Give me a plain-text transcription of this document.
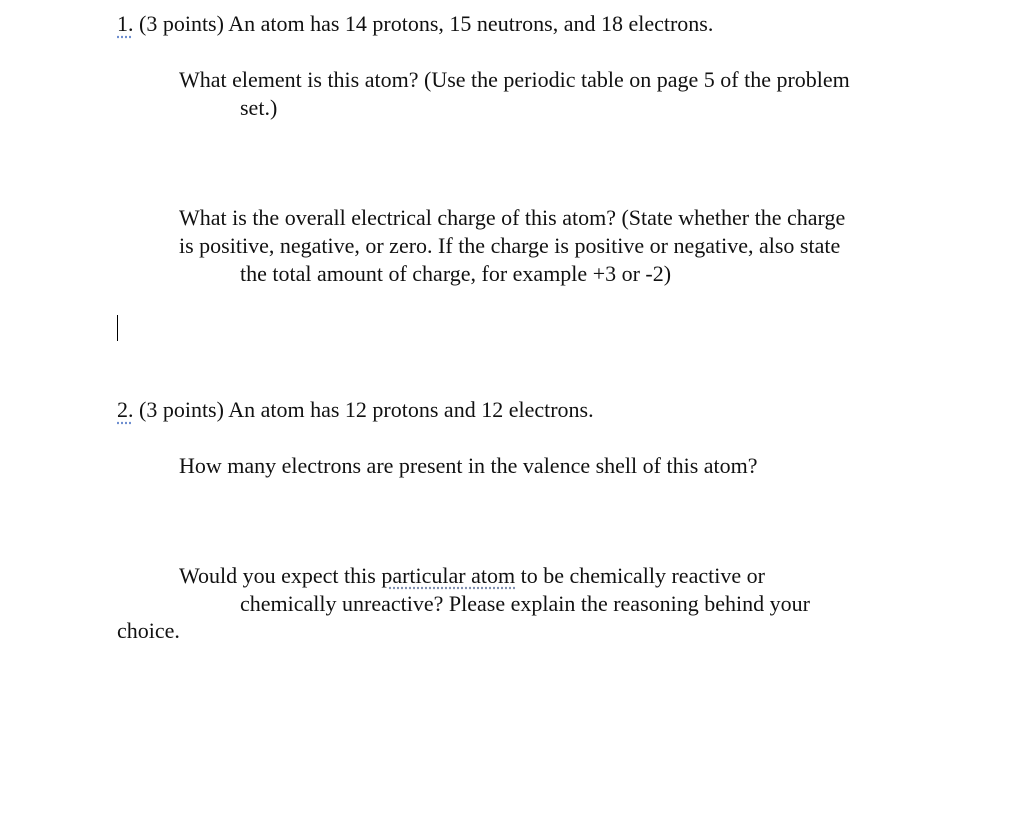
1. (3 points) An atom has 14 protons, 15 neutrons, and 18 electrons.
What element is this atom? (Use the periodic table on page 5 of the problem
set.)
What is the overall electrical charge of this atom? (State whether the charge
is positive, negative, or zero. If the charge is positive or negative, also state
the total amount of charge, for example +3 or -2)
2. (3 points) An atom has 12 protons and 12 electrons.
How many electrons are present in the valence shell of this atom?
Would you expect this particular atom to be chemically reactive or
chemically unreactive? Please explain the reasoning behind your
choice.
